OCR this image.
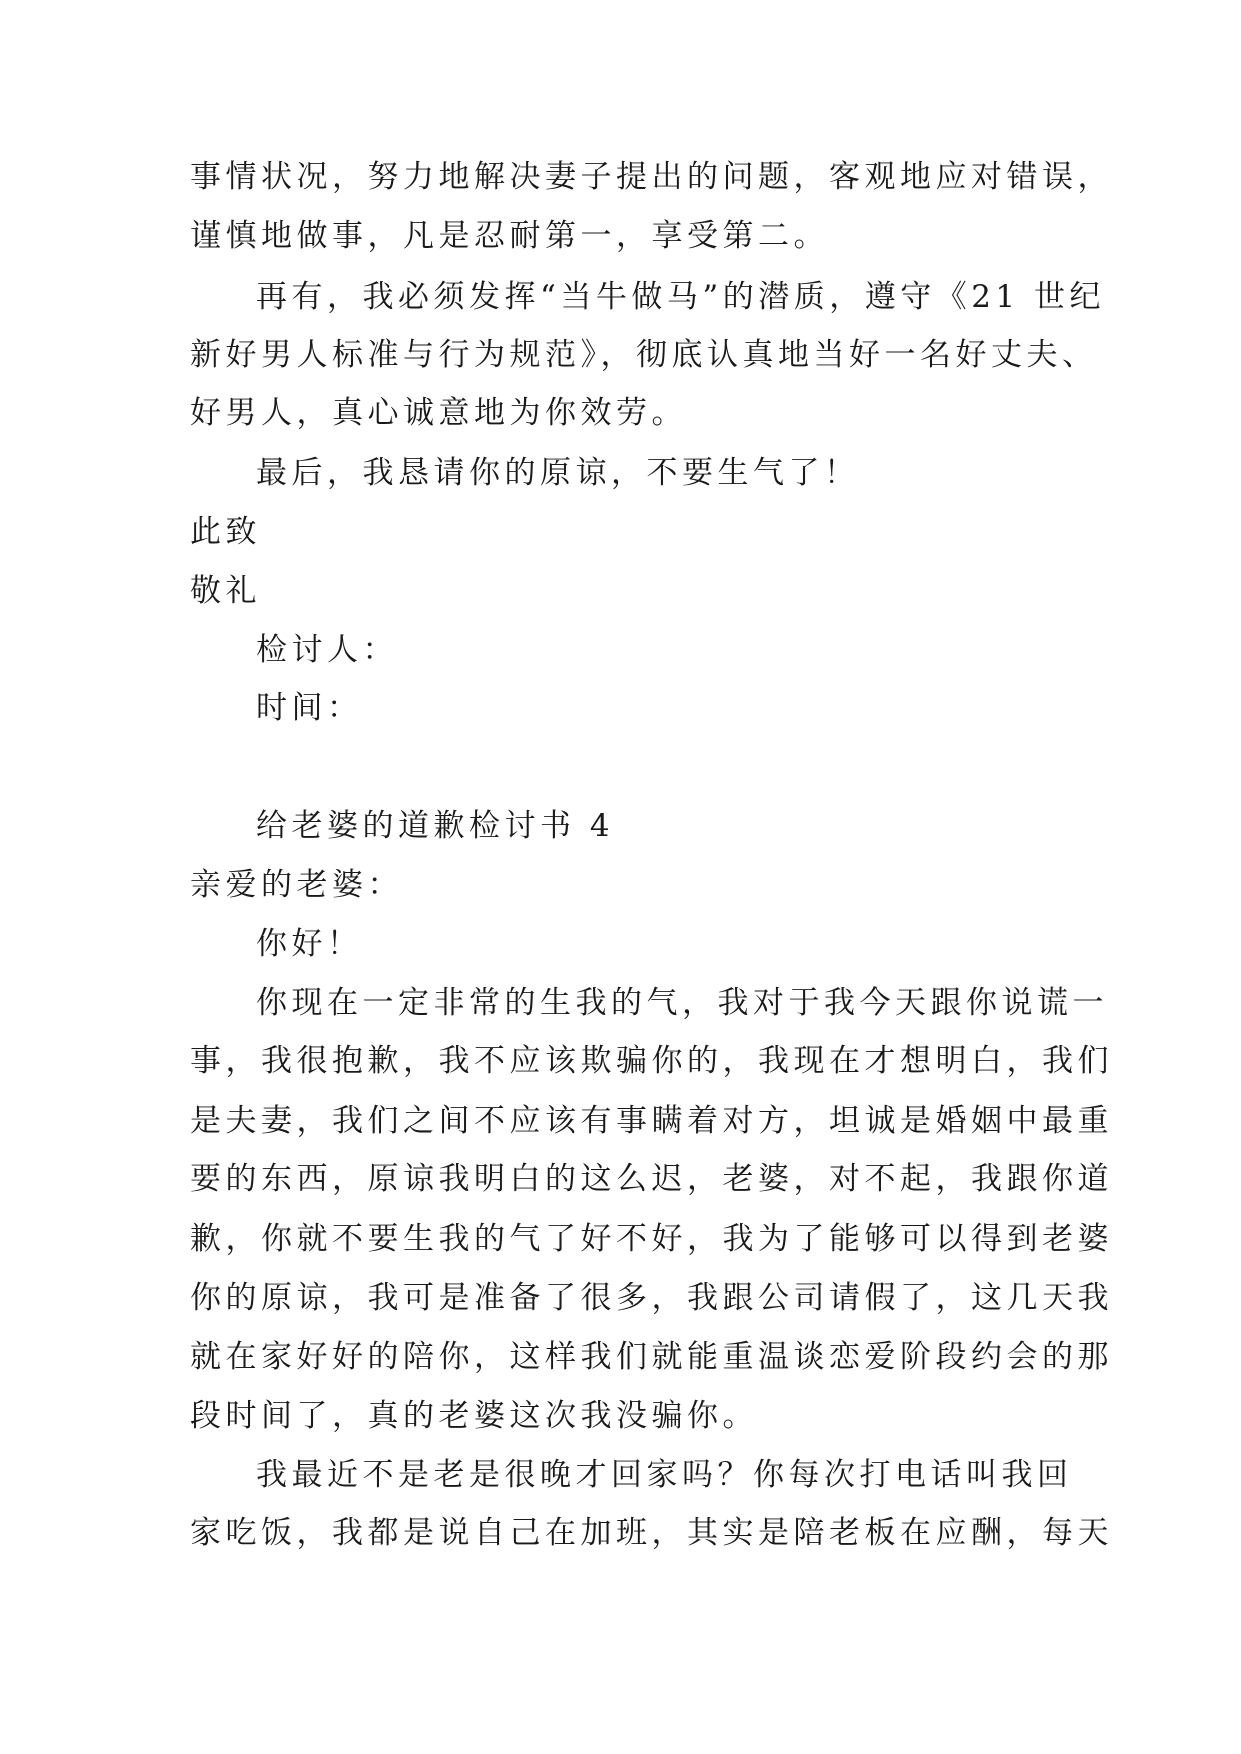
事情状况，努力地解决妻子提出的问题，客观地应对错误，
谨慎地做事，凡是忍耐第一，享受第二。
再有，我必须发挥“当牛做马”的潜质，遵守《21 世纪
新好男人标准与行为规范》，彻底认真地当好一名好丈夫、
好男人，真心诚意地为你效劳。
最后，我恳请你的原谅，不要生气了！
此致
敬礼
检讨人：
时间：
给老婆的道歉检讨书 4
亲爱的老婆：
你好！
你现在一定非常的生我的气，我对于我今天跟你说谎一
事，我很抱歉，我不应该欺骗你的，我现在才想明白，我们
是夫妻，我们之间不应该有事瞒着对方，坦诚是婚姻中最重
要的东西，原谅我明白的这么迟，老婆，对不起，我跟你道
歉，你就不要生我的气了好不好，我为了能够可以得到老婆
你的原谅，我可是准备了很多，我跟公司请假了，这几天我
就在家好好的陪你，这样我们就能重温谈恋爱阶段约会的那
段时间了，真的老婆这次我没骗你。
我最近不是老是很晚才回家吗？你每次打电话叫我回
家吃饭，我都是说自己在加班，其实是陪老板在应酬，每天
